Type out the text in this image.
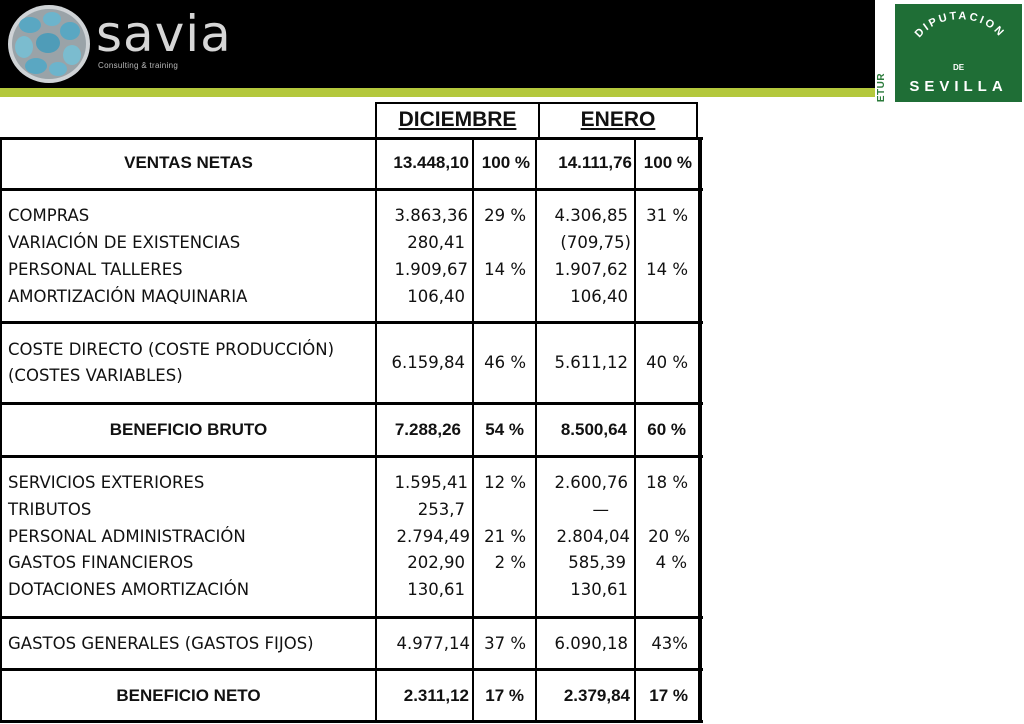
savia
Consulting & training
ETUR
DIPUTACION
DE
SEVILLA
DICIEMBRE	ENERO
VENTAS NETAS	13.448,10 100 %	14.111,76 100 %
COMPRAS	3.863,36 29 %	4.306,85	31 %
VARIACIÓN DE EXISTENCIAS	280,41	(709,75)
PERSONAL TALLERES	1.909,67 14 %	1.907,62	14 %
AMORTIZACIÓN MAQUINARIA	106,40	106,40
COSTE DIRECTO (COSTE PRODUCCIÓN)
(COSTES VARIABLES)
6.159,84	46 %	5.611,12	40 %
BENEFICIO BRUTO	7.288,26	54 %	8.500,64	60 %
SERVICIOS EXTERIORES	1.595,41 12 %	2.600,76	18 %
TRIBUTOS	253,7	—
PERSONAL ADMINISTRACIÓN	2.794,49 21 %	2.804,04	20 %
GASTOS FINANCIEROS	202,90	2 %	585,39	4 %
DOTACIONES AMORTIZACIÓN	130,61	130,61
GASTOS GENERALES (GASTOS FIJOS)	4.977,14 37 %	6.090,18	43%
BENEFICIO NETO	2.311,12 17 %	2.379,84	17 %
